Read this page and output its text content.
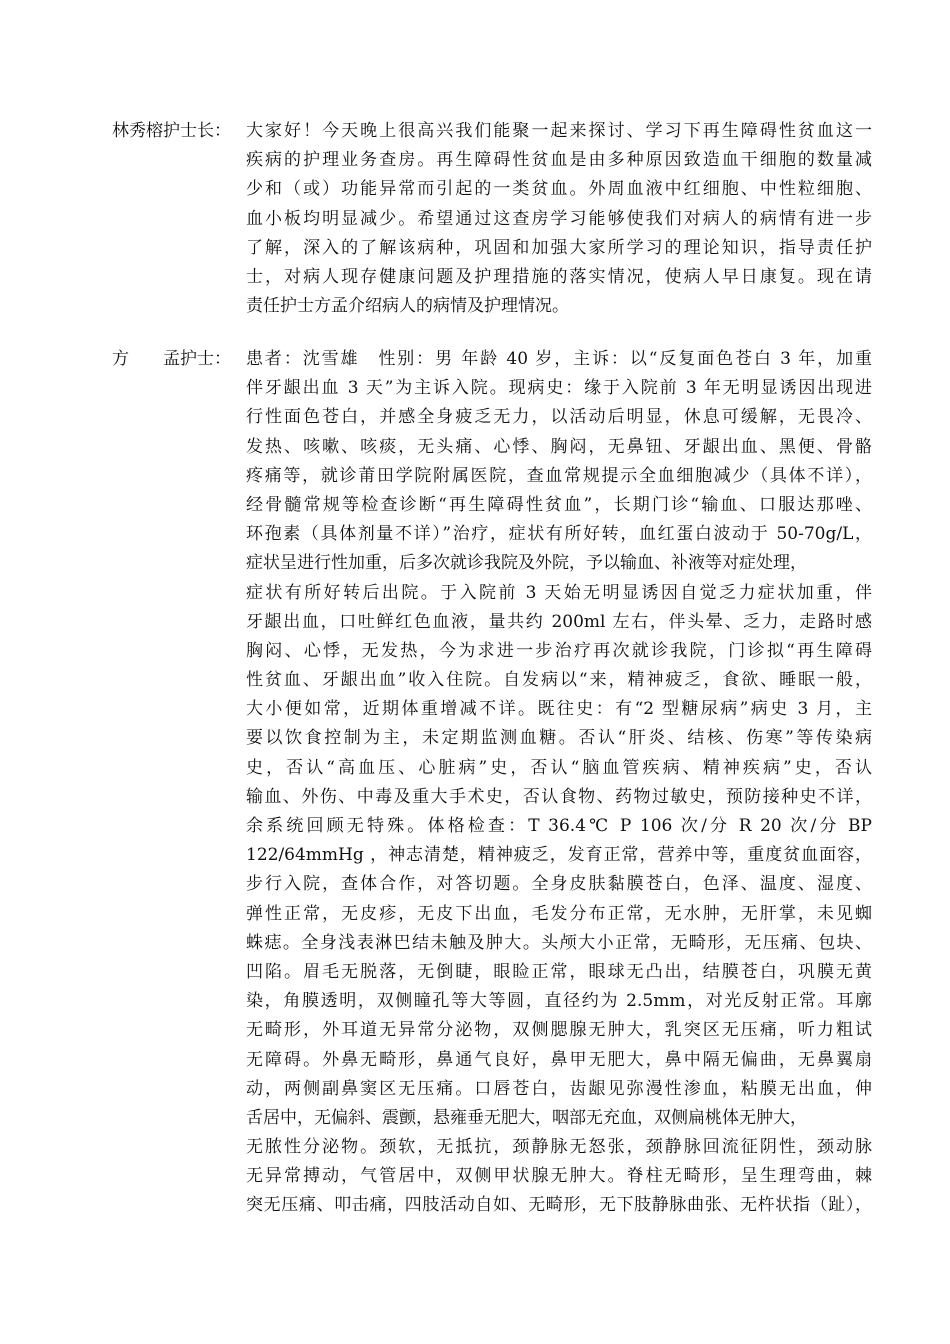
林秀榕护士长： 大家好！今天晚上很高兴我们能聚一起来探讨、学习下再生障碍性贫血这一
疾病的护理业务查房。再生障碍性贫血是由多种原因致造血干细胞的数量减
少和（或）功能异常而引起的一类贫血。外周血液中红细胞、中性粒细胞、
血小板均明显减少。希望通过这查房学习能够使我们对病人的病情有进一步
了解，深入的了解该病种，巩固和加强大家所学习的理论知识，指导责任护
士，对病人现存健康问题及护理措施的落实情况，使病人早日康复。现在请
责任护士方孟介绍病人的病情及护理情况。
方　　孟护士： 患者：沈雪雄　性别：男 年龄 40 岁，主诉：以“反复面色苍白 3 年，加重
伴牙龈出血 3 天”为主诉入院。现病史：缘于入院前 3 年无明显诱因出现进
行性面色苍白，并感全身疲乏无力，以活动后明显，休息可缓解，无畏冷、
发热、咳嗽、咳痰，无头痛、心悸、胸闷，无鼻钮、牙龈出血、黑便、骨骼
疼痛等，就诊莆田学院附属医院，查血常规提示全血细胞减少（具体不详），
经骨髓常规等检查诊断“再生障碍性贫血”，长期门诊“输血、口服达那唑、
环孢素（具体剂量不详）”治疗，症状有所好转，血红蛋白波动于 50-70g/L，
症状呈进行性加重，后多次就诊我院及外院，予以输血、补液等对症处理，
症状有所好转后出院。于入院前 3 天始无明显诱因自觉乏力症状加重，伴
牙龈出血，口吐鲜红色血液，量共约 200ml 左右，伴头晕、乏力，走路时感
胸闷、心悸，无发热，今为求进一步治疗再次就诊我院，门诊拟“再生障碍
性贫血、牙龈出血”收入住院。自发病以“来，精神疲乏，食欲、睡眠一般，
大小便如常，近期体重增减不详。既往史：有“2 型糖尿病”病史 3 月，主
要以饮食控制为主，未定期监测血糖。否认“肝炎、结核、伤寒”等传染病
史，否认“高血压、心脏病”史，否认“脑血管疾病、精神疾病”史，否认
输血、外伤、中毒及重大手术史，否认食物、药物过敏史，预防接种史不详，
余系统回顾无特殊。体格检查：T 36.4℃ P 106 次/分 R 20 次/分 BP
122/64mmHg ，神志清楚，精神疲乏，发育正常，营养中等，重度贫血面容，
步行入院，查体合作，对答切题。全身皮肤黏膜苍白，色泽、温度、湿度、
弹性正常，无皮疹，无皮下出血，毛发分布正常，无水肿，无肝掌，未见蜘
蛛痣。全身浅表淋巴结未触及肿大。头颅大小正常，无畸形，无压痛、包块、
凹陷。眉毛无脱落，无倒睫，眼睑正常，眼球无凸出，结膜苍白，巩膜无黄
染，角膜透明，双侧瞳孔等大等圆，直径约为 2.5mm，对光反射正常。耳廓
无畸形，外耳道无异常分泌物，双侧腮腺无肿大，乳突区无压痛，听力粗试
无障碍。外鼻无畸形，鼻通气良好，鼻甲无肥大，鼻中隔无偏曲，无鼻翼扇
动，两侧副鼻窦区无压痛。口唇苍白，齿龈见弥漫性渗血，粘膜无出血，伸
舌居中，无偏斜、震颤，悬雍垂无肥大，咽部无充血，双侧扁桃体无肿大，
无脓性分泌物。颈软，无抵抗，颈静脉无怒张，颈静脉回流征阴性，颈动脉
无异常搏动，气管居中，双侧甲状腺无肿大。脊柱无畸形，呈生理弯曲，棘
突无压痛、叩击痛，四肢活动自如、无畸形，无下肢静脉曲张、无杵状指（趾），
